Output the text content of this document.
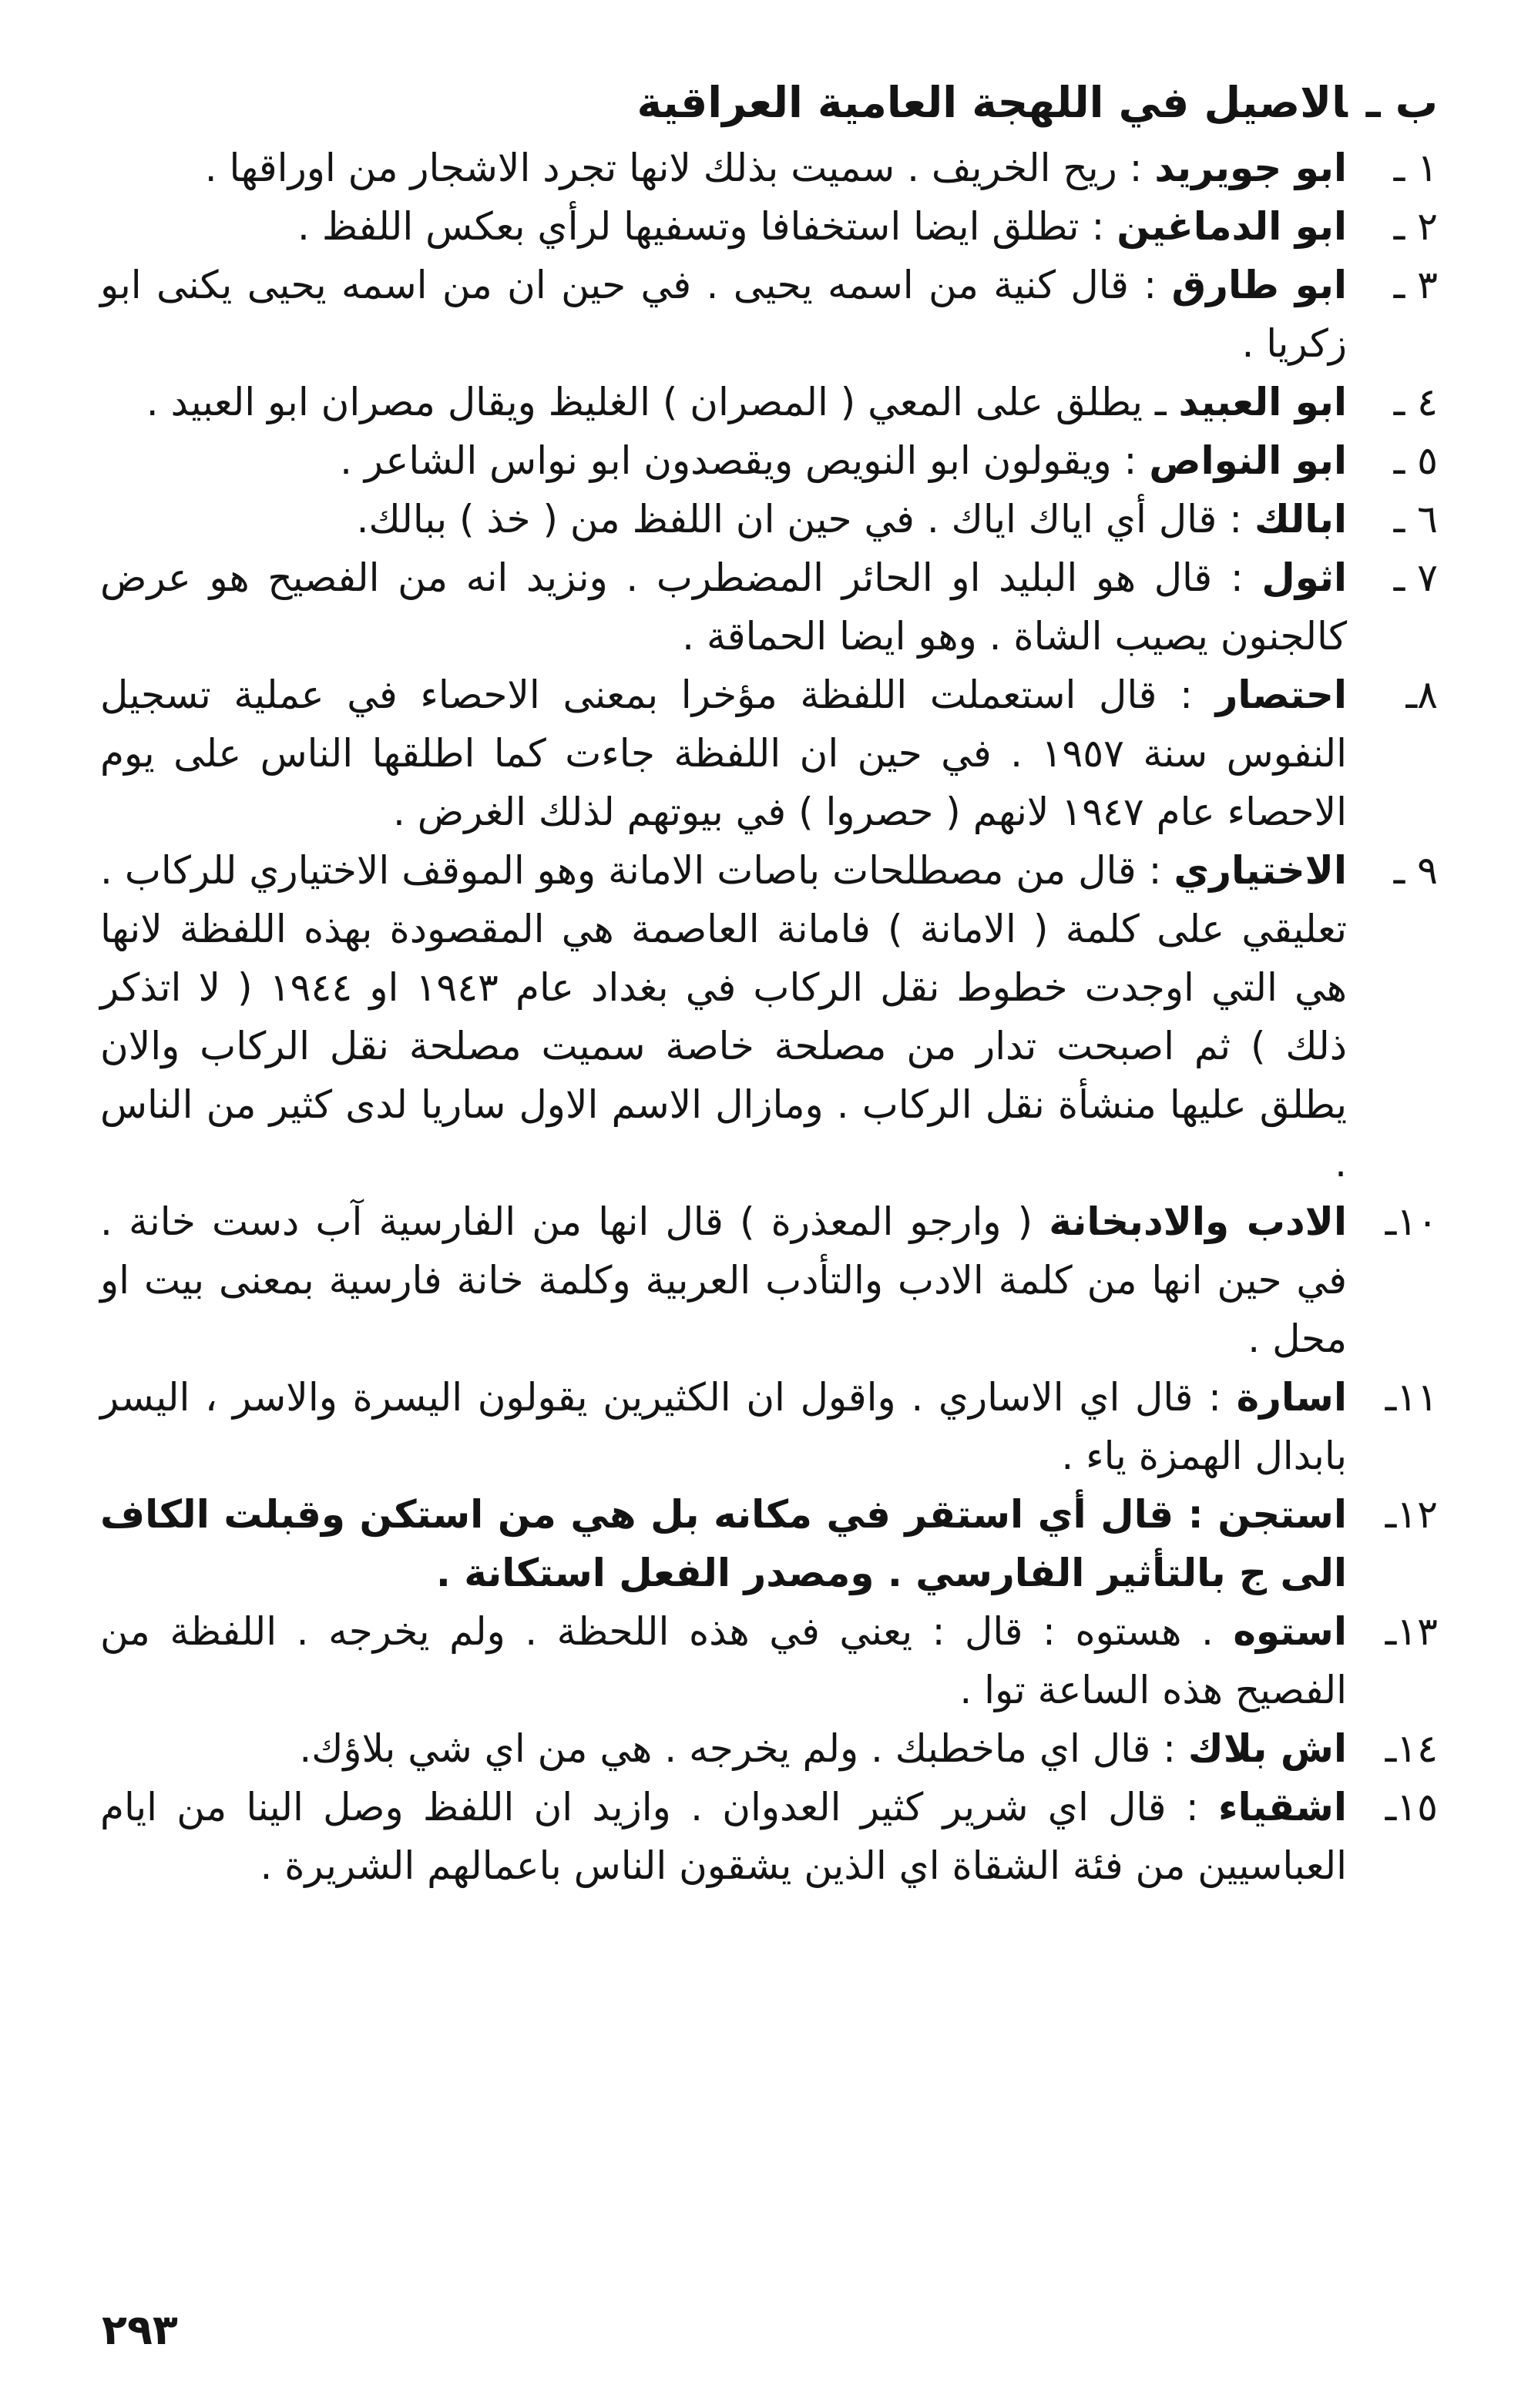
ب ـالاصيل في اللهجة العامية العراقية
١ ـ

ابو جويريد : ريح الخريف . سميت بذلك لانها تجرد الاشجار من اوراقها .

٢ ـ

ابو الدماغين : تطلق ايضا استخفافا وتسفيها لرأي بعكس اللفظ .

٣ ـ

ابو طارق : قال كنية من اسمه يحيى . في حين ان من اسمه يحيى يكنى ابو زكريا .

٤ ـ

ابو العبيد ـ يطلق على المعي ( المصران ) الغليظ ويقال مصران ابو العبيد .

٥ ـ

ابو النواص : ويقولون ابو النويص ويقصدون ابو نواس الشاعر .

٦ ـ

ابالك : قال أي اياك اياك . في حين ان اللفظ من ( خذ ) ببالك.

٧ ـ

اثول : قال هو البليد او الحائر المضطرب . ونزيد انه من الفصيح هو عرض كالجنون يصيب الشاة . وهو ايضا الحماقة .

٨ـ

احتصار : قال استعملت اللفظة مؤخرا بمعنى الاحصاء في عملية تسجيل النفوس سنة ١٩٥٧ . في حين ان اللفظة جاءت كما اطلقها الناس على يوم الاحصاء عام ١٩٤٧ لانهم ( حصروا ) في بيوتهم لذلك الغرض .

٩ ـ

الاختياري : قال من مصطلحات باصات الامانة وهو الموقف الاختياري للركاب . تعليقي على كلمة ( الامانة ) فامانة العاصمة هي المقصودة بهذه اللفظة لانها هي التي اوجدت خطوط نقل الركاب في بغداد عام ١٩٤٣ او ١٩٤٤ ( لا اتذكر ذلك ) ثم اصبحت تدار من مصلحة خاصة سميت مصلحة نقل الركاب والان يطلق عليها منشأة نقل الركاب . ومازال الاسم الاول ساريا لدى كثير من الناس .

١٠ـ

الادب والادبخانة ( وارجو المعذرة ) قال انها من الفارسية آب دست خانة . في حين انها من كلمة الادب والتأدب العربية وكلمة خانة فارسية بمعنى بيت او محل .

١١ـ

اسارة : قال اي الاساري . واقول ان الكثيرين يقولون اليسرة والاسر ، اليسر بابدال الهمزة ياء .

١٢ـ

استجن : قال أي استقر في مكانه بل هي من استكن وقبلت الكاف الى ج بالتأثير الفارسي . ومصدر الفعل استكانة .

١٣ـ

استوه . هستوه : قال : يعني في هذه اللحظة . ولم يخرجه . اللفظة من الفصيح هذه الساعة توا .

١٤ـ

اش بلاك : قال اي ماخطبك . ولم يخرجه . هي من اي شي بلاؤك.

١٥ـ

اشقياء : قال اي شرير كثير العدوان . وازيد ان اللفظ وصل الينا من ايام العباسيين من فئة الشقاة اي الذين يشقون الناس باعمالهم الشريرة .

٢٩٣
